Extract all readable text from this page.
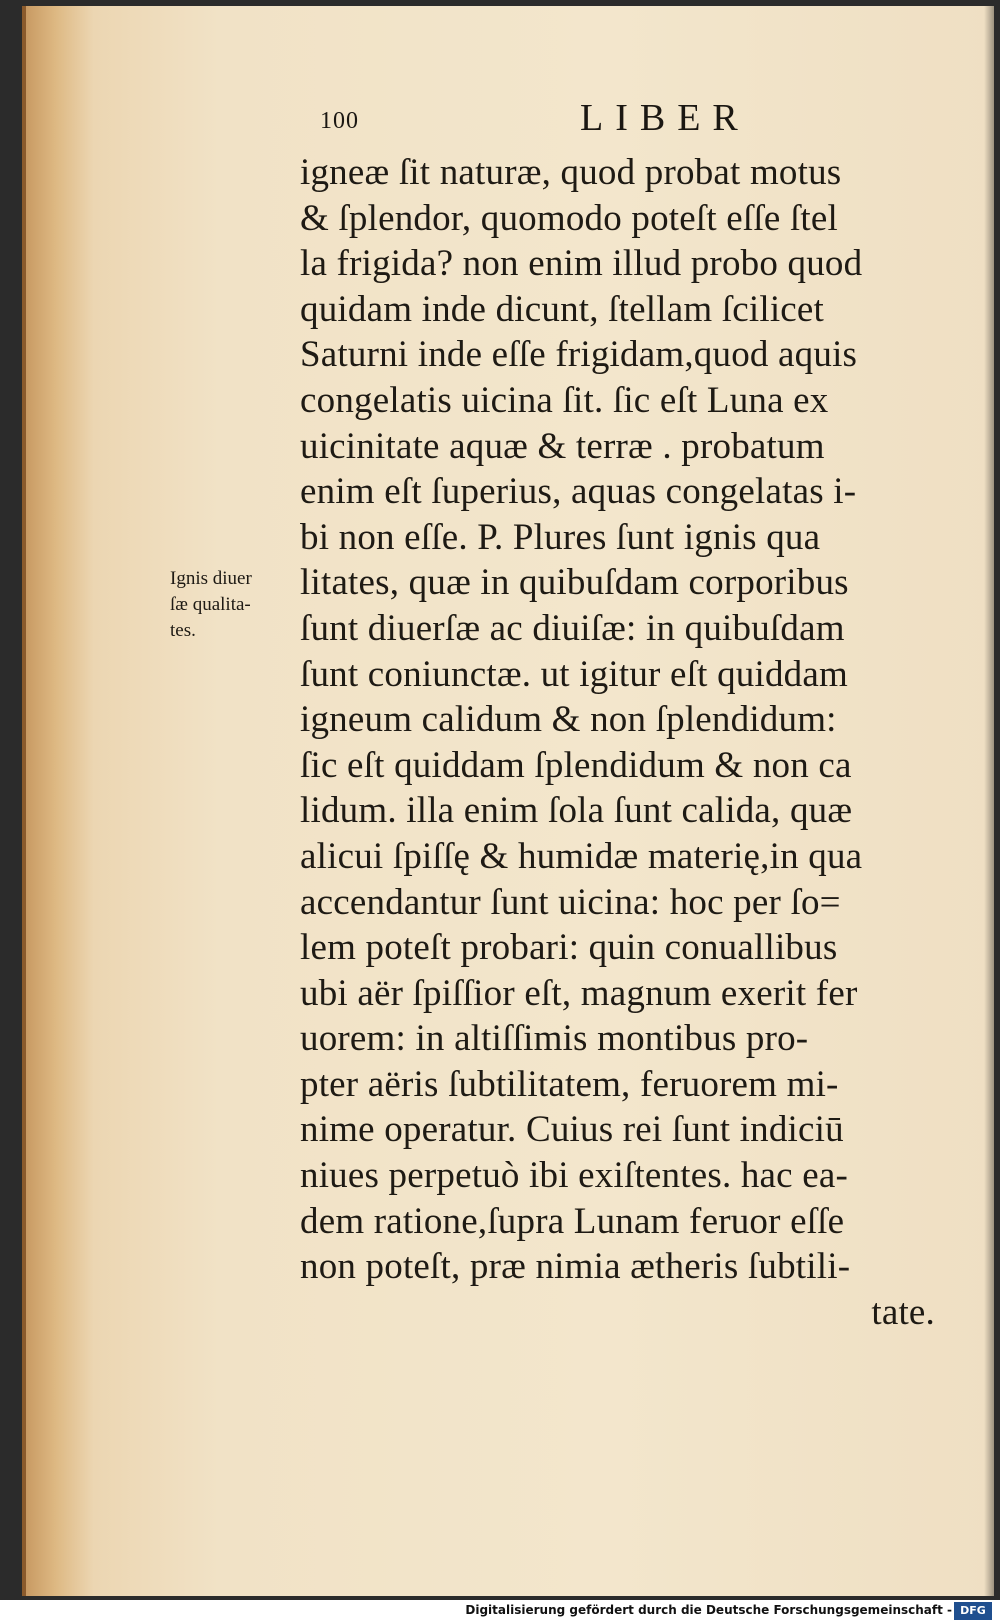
100	LIBER
Ignis diuer
ſæ qualita-
tes.
igneæ ſit naturæ, quod probat motus
& ſplendor, quomodo poteſt eſſe ſtel
la frigida? non enim illud probo quod
quidam inde dicunt, ſtellam ſcilicet
Saturni inde eſſe frigidam,quod aquis
congelatis uicina ſit. ſic eſt Luna ex
uicinitate aquæ & terræ . probatum
enim eſt ſuperius, aquas congelatas i-
bi non eſſe. P. Plures ſunt ignis qua
litates, quæ in quibuſdam corporibus
ſunt diuerſæ ac diuiſæ: in quibuſdam
ſunt coniunctæ. ut igitur eſt quiddam
igneum calidum & non ſplendidum:
ſic eſt quiddam ſplendidum & non ca
lidum. illa enim ſola ſunt calida, quæ
alicui ſpiſſę & humidæ materię,in qua
accendantur ſunt uicina: hoc per ſo=
lem poteſt probari: quin conuallibus
ubi aër ſpiſſior eſt, magnum exerit fer
uorem: in altiſſimis montibus pro-
pter aëris ſubtilitatem, feruorem mi-
nime operatur. Cuius rei ſunt indiciū
niues perpetuò ibi exiſtentes. hac ea-
dem ratione,ſupra Lunam feruor eſſe
non poteſt, præ nimia ætheris ſubtili-
tate.
Digitalisierung gefördert durch die Deutsche Forschungsgemeinschaft - DFG
